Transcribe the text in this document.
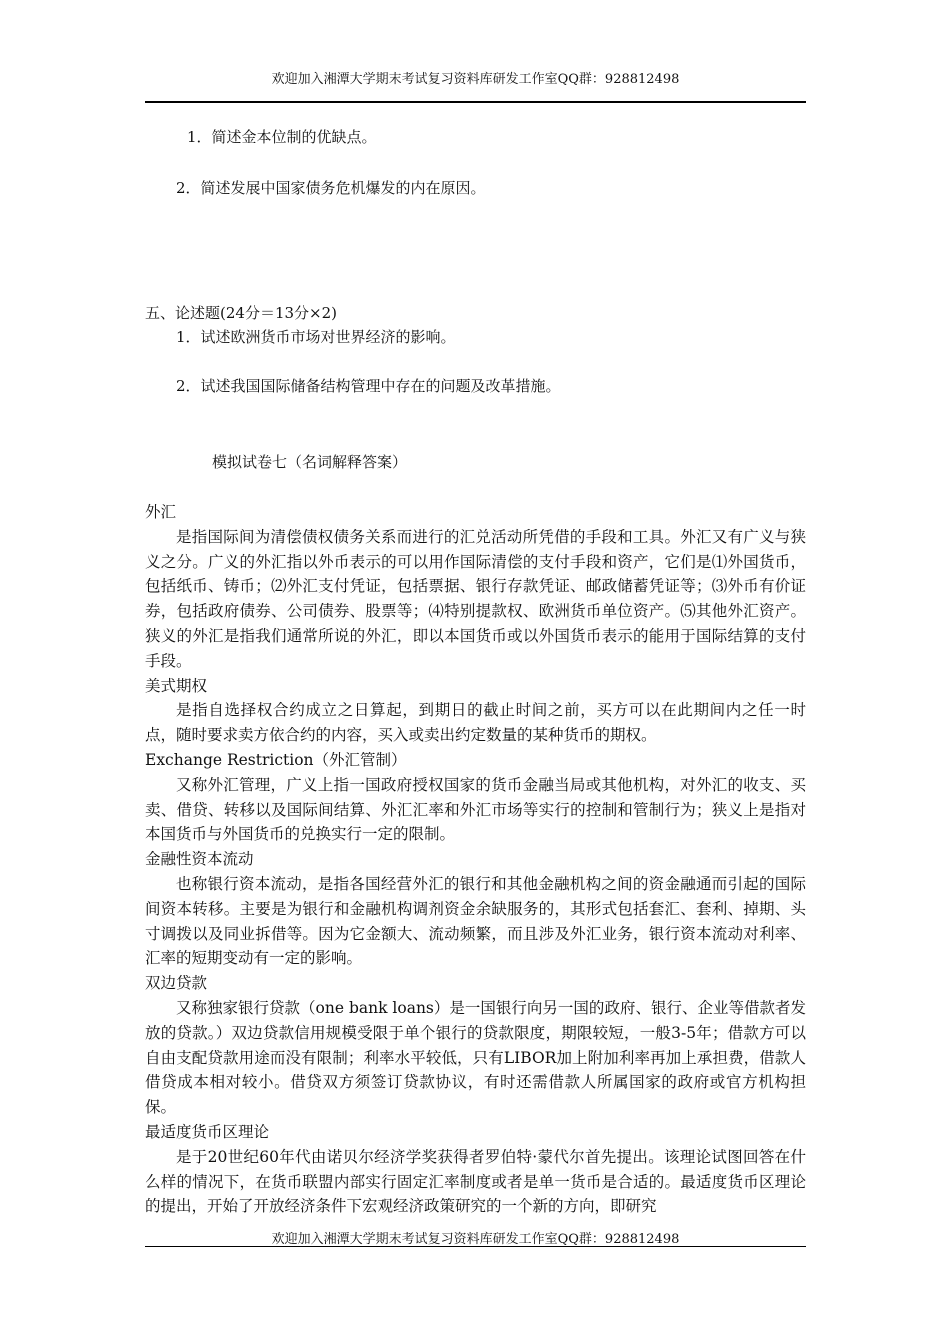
欢迎加入湘潭大学期末考试复习资料库研发工作室QQ群：928812498
1．简述金本位制的优缺点。
2．简述发展中国家债务危机爆发的内在原因。
五、论述题(24分＝13分×2)
1．试述欧洲货币市场对世界经济的影响。
2．试述我国国际储备结构管理中存在的问题及改革措施。
模拟试卷七（名词解释答案）

外汇

是指国际间为清偿债权债务关系而进行的汇兑活动所凭借的手段和工具。外汇又有广义与狭义之分。广义的外汇指以外币表示的可以用作国际清偿的支付手段和资产，它们是⑴外国货币，包括纸币、铸币；⑵外汇支付凭证，包括票据、银行存款凭证、邮政储蓄凭证等；⑶外币有价证券，包括政府债券、公司债券、股票等；⑷特别提款权、欧洲货币单位资产。⑸其他外汇资产。狭义的外汇是指我们通常所说的外汇，即以本国货币或以外国货币表示的能用于国际结算的支付手段。

美式期权

是指自选择权合约成立之日算起，到期日的截止时间之前，买方可以在此期间内之任一时点，随时要求卖方依合约的内容，买入或卖出约定数量的某种货币的期权。

Exchange Restriction（外汇管制）

又称外汇管理，广义上指一国政府授权国家的货币金融当局或其他机构，对外汇的收支、买卖、借贷、转移以及国际间结算、外汇汇率和外汇市场等实行的控制和管制行为；狭义上是指对本国货币与外国货币的兑换实行一定的限制。

金融性资本流动

也称银行资本流动，是指各国经营外汇的银行和其他金融机构之间的资金融通而引起的国际间资本转移。主要是为银行和金融机构调剂资金余缺服务的，其形式包括套汇、套利、掉期、头寸调拨以及同业拆借等。因为它金额大、流动频繁，而且涉及外汇业务，银行资本流动对利率、汇率的短期变动有一定的影响。

双边贷款

又称独家银行贷款（one bank loans）是一国银行向另一国的政府、银行、企业等借款者发放的贷款。）双边贷款信用规模受限于单个银行的贷款限度，期限较短，一般3-5年；借款方可以自由支配贷款用途而没有限制；利率水平较低，只有LIBOR加上附加利率再加上承担费，借款人借贷成本相对较小。借贷双方须签订贷款协议，有时还需借款人所属国家的政府或官方机构担保。

最适度货币区理论

是于20世纪60年代由诺贝尔经济学奖获得者罗伯特·蒙代尔首先提出。该理论试图回答在什么样的情况下，在货币联盟内部实行固定汇率制度或者是单一货币是合适的。最适度货币区理论的提出，开始了开放经济条件下宏观经济政策研究的一个新的方向，即研究

欢迎加入湘潭大学期末考试复习资料库研发工作室QQ群：928812498
